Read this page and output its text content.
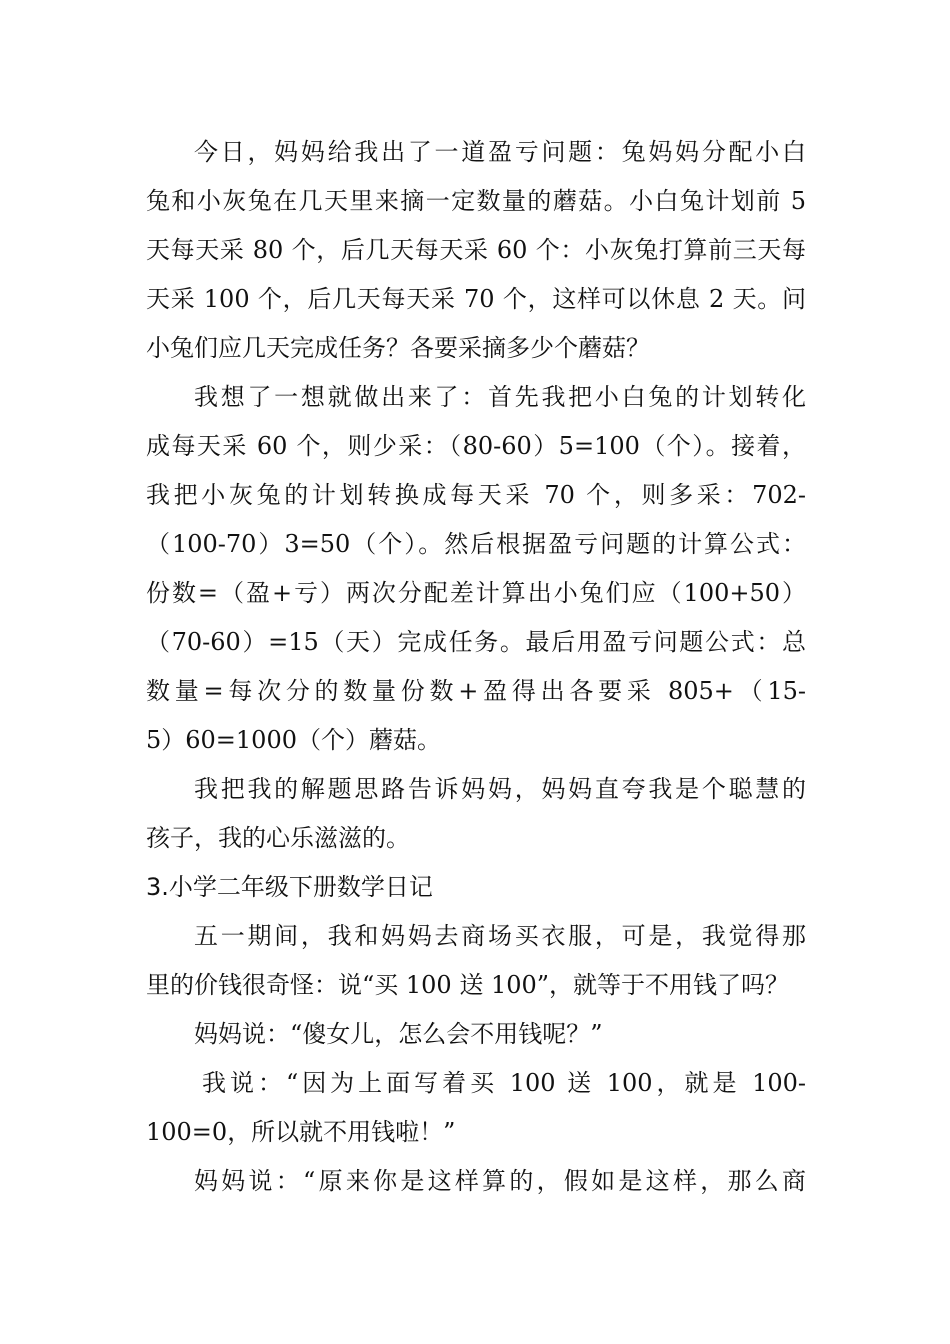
今日，妈妈给我出了一道盈亏问题：兔妈妈分配小白
兔和小灰兔在几天里来摘一定数量的蘑菇。小白兔计划前 5
天每天采 80 个，后几天每天采 60 个：小灰兔打算前三天每
天采 100 个，后几天每天采 70 个，这样可以休息 2 天。问
小兔们应几天完成任务？各要采摘多少个蘑菇？
我想了一想就做出来了：首先我把小白兔的计划转化
成每天采 60 个，则少采：（80-60）5=100（个）。接着，
我把小灰兔的计划转换成每天采 70 个，则多采：702-
（100-70）3=50（个）。然后根据盈亏问题的计算公式：
份数=（盈+亏）两次分配差计算出小兔们应（100+50）
（70-60）=15（天）完成任务。最后用盈亏问题公式：总
数量=每次分的数量份数+盈得出各要采 805+（15-
5）60=1000（个）蘑菇。
我把我的解题思路告诉妈妈，妈妈直夸我是个聪慧的
孩子，我的心乐滋滋的。
3.小学二年级下册数学日记
五一期间，我和妈妈去商场买衣服，可是，我觉得那
里的价钱很奇怪：说“买 100 送 100”，就等于不用钱了吗？
妈妈说：“傻女儿，怎么会不用钱呢？”
我说：“因为上面写着买 100 送 100，就是 100-
100=0，所以就不用钱啦！”
妈妈说：“原来你是这样算的，假如是这样，那么商
